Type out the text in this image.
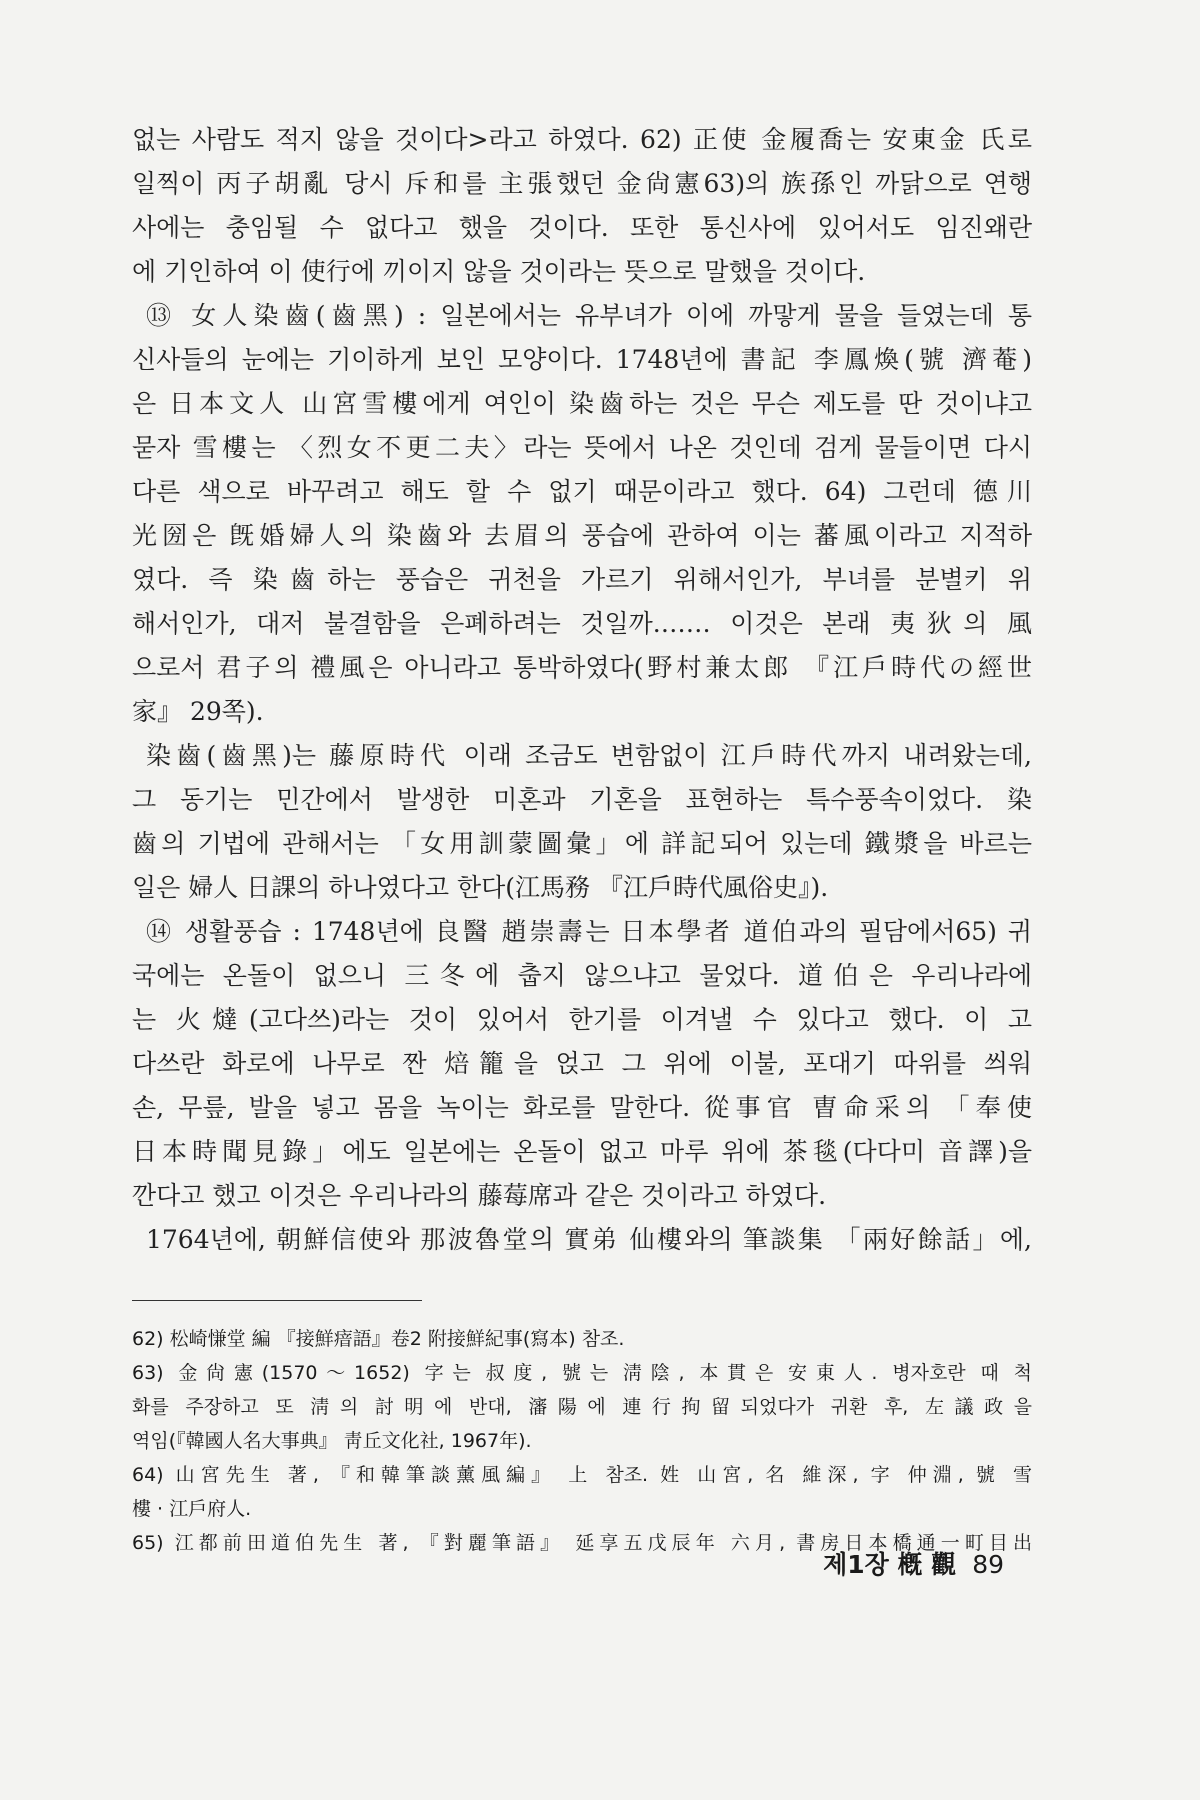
없는 사람도 적지 않을 것이다>라고 하였다. 62) 正使 金履喬는 安東金 氏로
일찍이 丙子胡亂 당시 斥和를 主張했던 金尙憲63)의 族孫인 까닭으로 연행
사에는 충임될 수 없다고 했을 것이다. 또한 통신사에 있어서도 임진왜란
에 기인하여 이 使行에 끼이지 않을 것이라는 뜻으로 말했을 것이다.
⑬ 女人染齒(齒黑) : 일본에서는 유부녀가 이에 까맣게 물을 들였는데 통
신사들의 눈에는 기이하게 보인 모양이다. 1748년에 書記 李鳳煥(號 濟菴)
은 日本文人 山宮雪樓에게 여인이 染齒하는 것은 무슨 제도를 딴 것이냐고
묻자 雪樓는 〈烈女不更二夫〉라는 뜻에서 나온 것인데 검게 물들이면 다시
다른 색으로 바꾸려고 해도 할 수 없기 때문이라고 했다. 64) 그런데 德川
光圀은 旣婚婦人의 染齒와 去眉의 풍습에 관하여 이는 蕃風이라고 지적하
였다. 즉 染齒하는 풍습은 귀천을 가르기 위해서인가, 부녀를 분별키 위
해서인가, 대저 불결함을 은폐하려는 것일까.…… 이것은 본래 夷狄의 風
으로서 君子의 禮風은 아니라고 통박하였다(野村兼太郎 『江戶時代の經世
家』 29쪽).
染齒(齒黑)는 藤原時代 이래 조금도 변함없이 江戶時代까지 내려왔는데,
그 동기는 민간에서 발생한 미혼과 기혼을 표현하는 특수풍속이었다. 染
齒의 기법에 관해서는 「女用訓蒙圖彙」에 詳記되어 있는데 鐵漿을 바르는
일은 婦人 日課의 하나였다고 한다(江馬務 『江戶時代風俗史』).
⑭ 생활풍습 : 1748년에 良醫 趙崇壽는 日本學者 道伯과의 필담에서65) 귀
국에는 온돌이 없으니 三冬에 춥지 않으냐고 물었다. 道伯은 우리나라에
는 火燵(고다쓰)라는 것이 있어서 한기를 이겨낼 수 있다고 했다. 이 고
다쓰란 화로에 나무로 짠 焙籠을 얹고 그 위에 이불, 포대기 따위를 씌워
손, 무릎, 발을 넣고 몸을 녹이는 화로를 말한다. 從事官 曺命采의 「奉使
日本時聞見錄」에도 일본에는 온돌이 없고 마루 위에 茶毯(다다미 音譯)을
깐다고 했고 이것은 우리나라의 藤莓席과 같은 것이라고 하였다.
1764년에, 朝鮮信使와 那波魯堂의 實弟 仙樓와의 筆談集 「兩好餘話」에,
62) 松崎慊堂 編 『接鮮瘖語』卷2 附接鮮紀事(寫本) 참조.
63) 金尙憲(1570～1652) 字는 叔度, 號는 淸陰, 本貫은 安東人. 병자호란 때 척
화를 주장하고 또 淸의 討明에 반대, 瀋陽에 連行拘留되었다가 귀환 후, 左議政을
역임(『韓國人名大事典』 靑丘文化社, 1967年).
64) 山宮先生 著, 『和韓筆談薰風編』 上 참조. 姓 山宮, 名 維深, 字 仲淵, 號 雪
樓 · 江戶府人.
65) 江都前田道伯先生 著, 『對麗筆語』 延享五戊辰年 六月, 書房日本橋通一町目出
제1장 槪 觀 89
